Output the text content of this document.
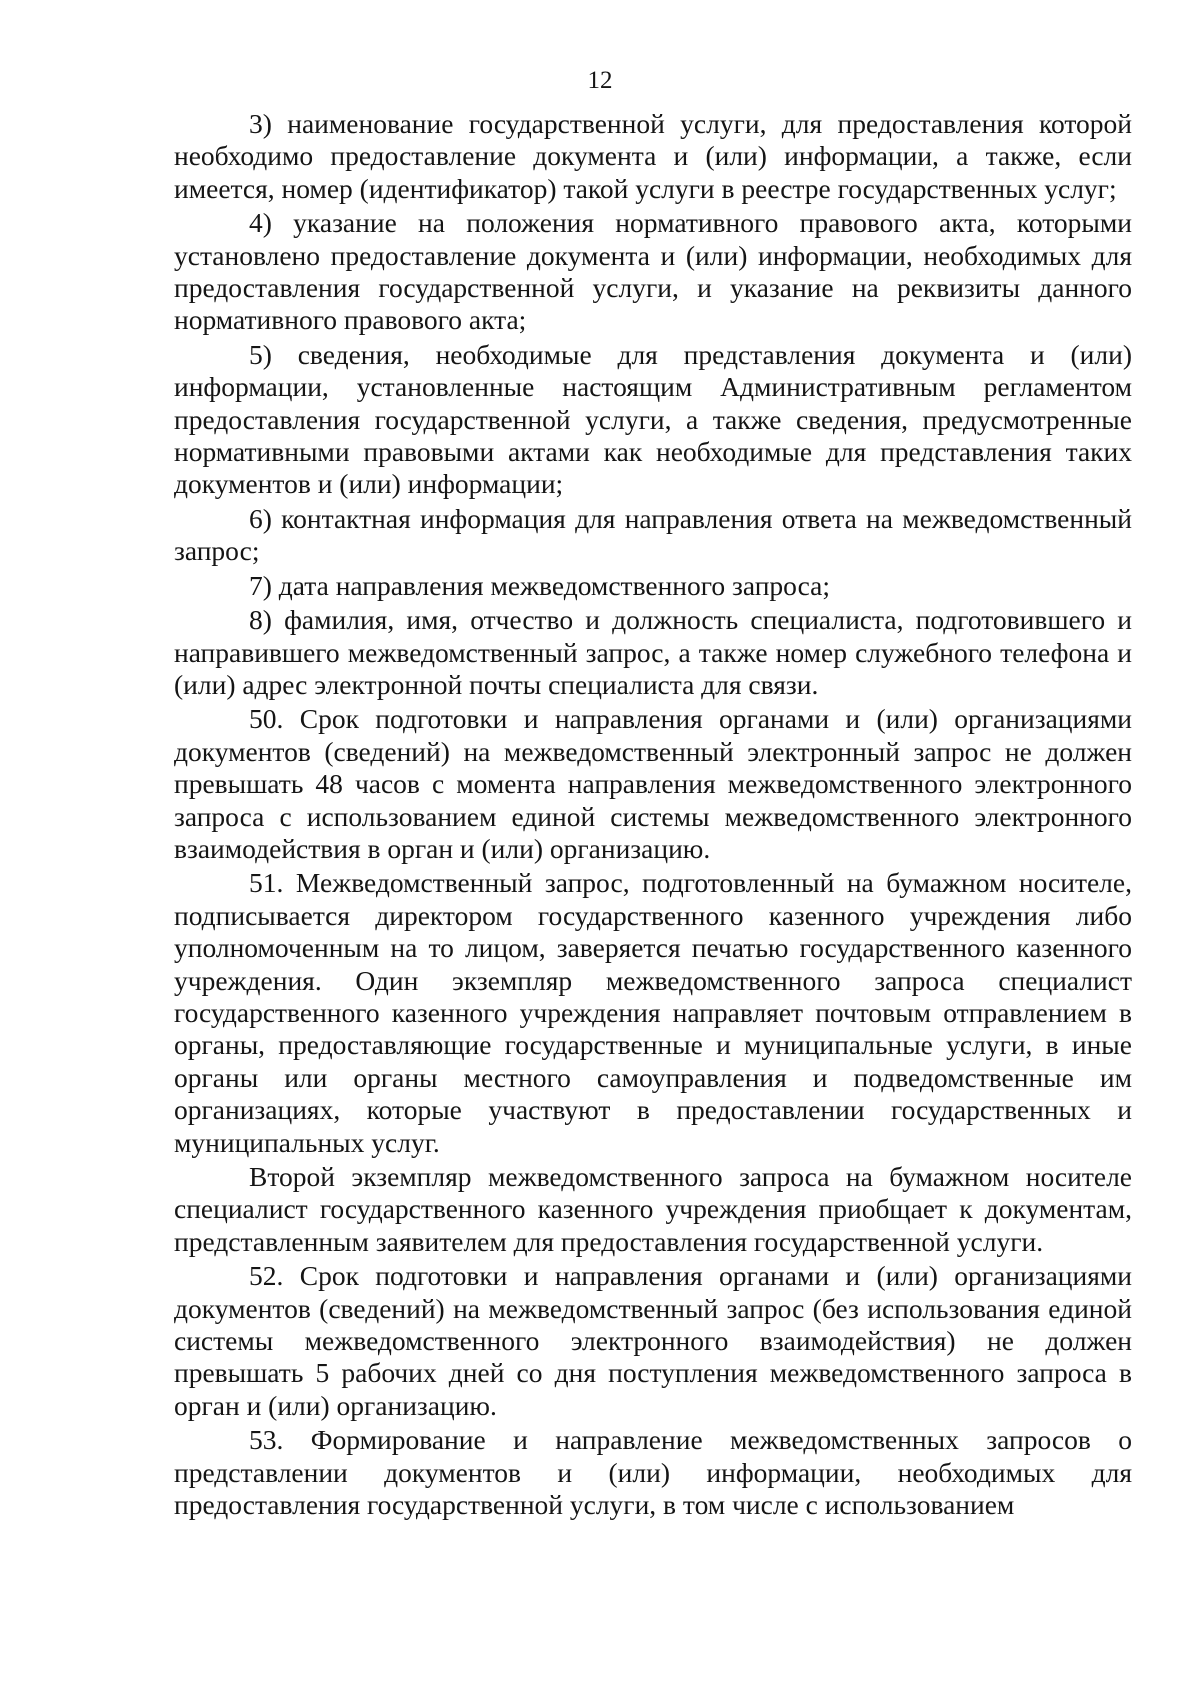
12

3) наименование государственной услуги, для предоставления которой необходимо предоставление документа и (или) информации, а также, если имеется, номер (идентификатор) такой услуги в реестре государственных услуг;

4) указание на положения нормативного правового акта, которыми установлено предоставление документа и (или) информации, необходимых для предоставления государственной услуги, и указание на реквизиты данного нормативного правового акта;

5) сведения, необходимые для представления документа и (или) информации, установленные настоящим Административным регламентом предоставления государственной услуги, а также сведения, предусмотренные нормативными правовыми актами как необходимые для представления таких документов и (или) информации;

6) контактная информация для направления ответа на межведомственный запрос;

7) дата направления межведомственного запроса;

8) фамилия, имя, отчество и должность специалиста, подготовившего и направившего межведомственный запрос, а также номер служебного телефона и (или) адрес электронной почты специалиста для связи.

50. Срок подготовки и направления органами и (или) организациями документов (сведений) на межведомственный электронный запрос не должен превышать 48 часов с момента направления межведомственного электронного запроса с использованием единой системы межведомственного электронного взаимодействия в орган и (или) организацию.

51. Межведомственный запрос, подготовленный на бумажном носителе, подписывается директором государственного казенного учреждения либо уполномоченным на то лицом, заверяется печатью государственного казенного учреждения. Один экземпляр межведомственного запроса специалист государственного казенного учреждения направляет почтовым отправлением в органы, предоставляющие государственные и муниципальные услуги, в иные органы или органы местного самоуправления и подведомственные им организациях, которые участвуют в предоставлении государственных и муниципальных услуг.

Второй экземпляр межведомственного запроса на бумажном носителе специалист государственного казенного учреждения приобщает к документам, представленным заявителем для предоставления государственной услуги.

52. Срок подготовки и направления органами и (или) организациями документов (сведений) на межведомственный запрос (без использования единой системы межведомственного электронного взаимодействия) не должен превышать 5 рабочих дней со дня поступления межведомственного запроса в орган и (или) организацию.

53. Формирование и направление межведомственных запросов о представлении документов и (или) информации, необходимых для предоставления государственной услуги, в том числе с использованием
